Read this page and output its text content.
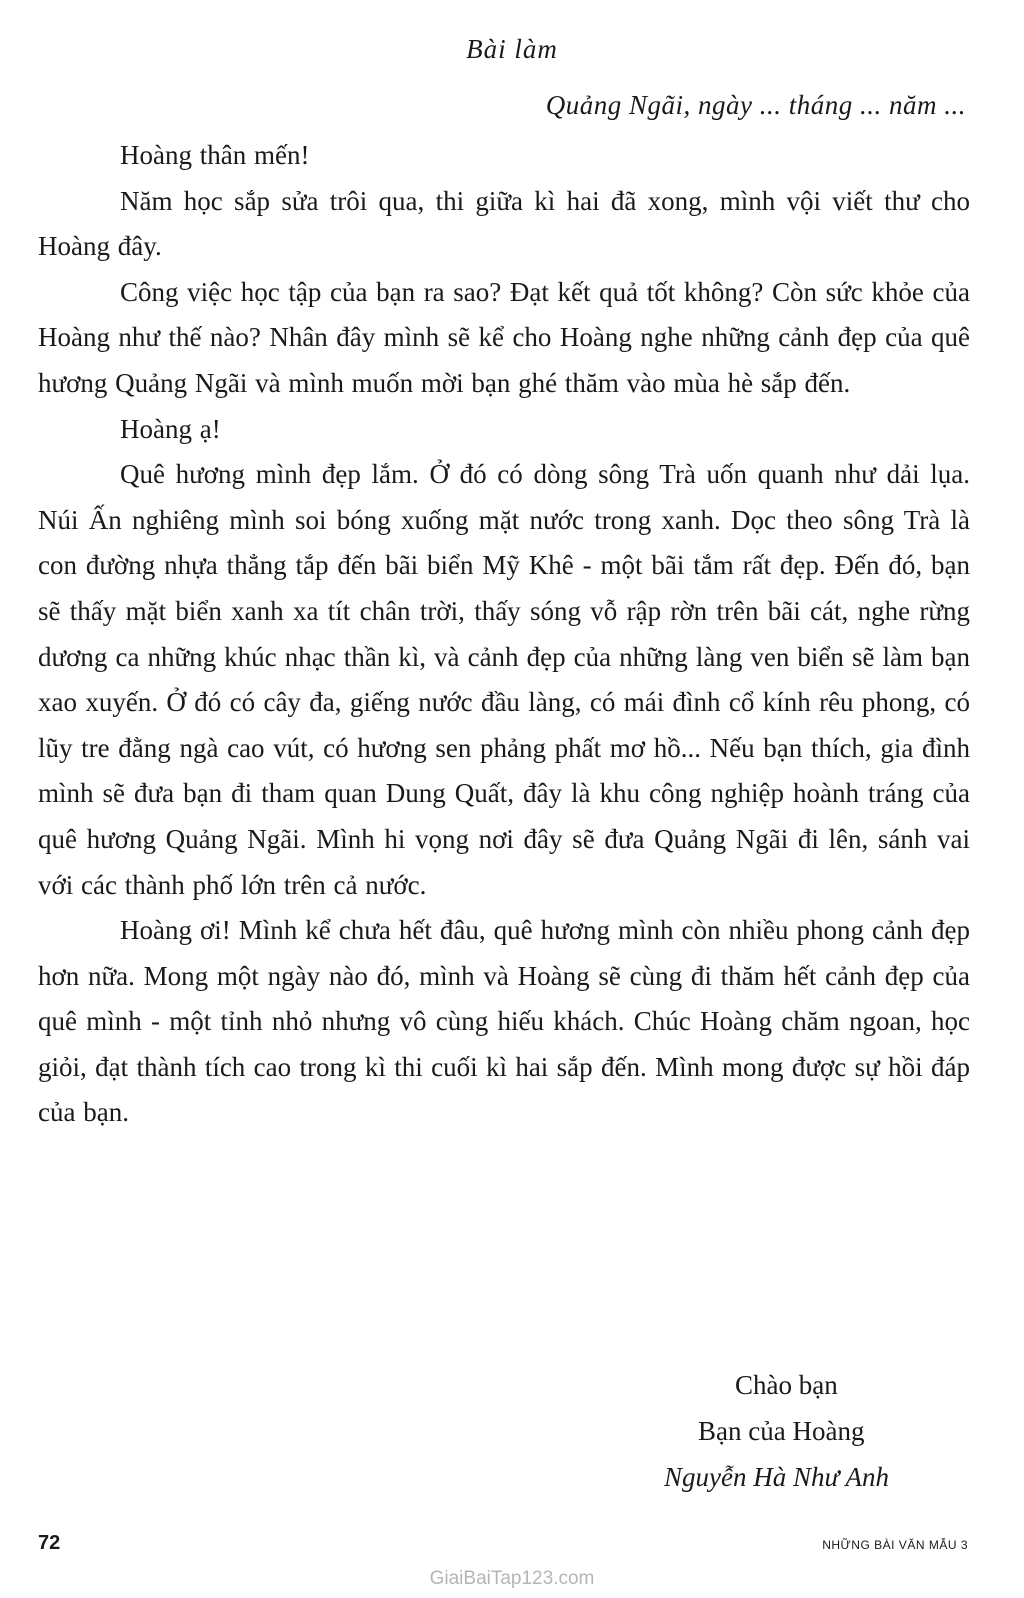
Bài làm
Quảng Ngãi, ngày ... tháng ... năm ...

Hoàng thân mến!

Năm học sắp sửa trôi qua, thi giữa kì hai đã xong, mình vội viết thư cho Hoàng đây.

Công việc học tập của bạn ra sao? Đạt kết quả tốt không? Còn sức khỏe của Hoàng như thế nào? Nhân đây mình sẽ kể cho Hoàng nghe những cảnh đẹp của quê hương Quảng Ngãi và mình muốn mời bạn ghé thăm vào mùa hè sắp đến.

Hoàng ạ!

Quê hương mình đẹp lắm. Ở đó có dòng sông Trà uốn quanh như dải lụa. Núi Ấn nghiêng mình soi bóng xuống mặt nước trong xanh. Dọc theo sông Trà là con đường nhựa thẳng tắp đến bãi biển Mỹ Khê - một bãi tắm rất đẹp. Đến đó, bạn sẽ thấy mặt biển xanh xa tít chân trời, thấy sóng vỗ rập rờn trên bãi cát, nghe rừng dương ca những khúc nhạc thần kì, và cảnh đẹp của những làng ven biển sẽ làm bạn xao xuyến. Ở đó có cây đa, giếng nước đầu làng, có mái đình cổ kính rêu phong, có lũy tre đằng ngà cao vút, có hương sen phảng phất mơ hồ... Nếu bạn thích, gia đình mình sẽ đưa bạn đi tham quan Dung Quất, đây là khu công nghiệp hoành tráng của quê hương Quảng Ngãi. Mình hi vọng nơi đây sẽ đưa Quảng Ngãi đi lên, sánh vai với các thành phố lớn trên cả nước.

Hoàng ơi! Mình kể chưa hết đâu, quê hương mình còn nhiều phong cảnh đẹp hơn nữa. Mong một ngày nào đó, mình và Hoàng sẽ cùng đi thăm hết cảnh đẹp của quê mình - một tỉnh nhỏ nhưng vô cùng hiếu khách. Chúc Hoàng chăm ngoan, học giỏi, đạt thành tích cao trong kì thi cuối kì hai sắp đến. Mình mong được sự hồi đáp của bạn.

Chào bạn
Bạn của Hoàng
Nguyễn Hà Như Anh
72	NHỮNG BÀI VĂN MẪU 3
GiaiBaiTap123.com
